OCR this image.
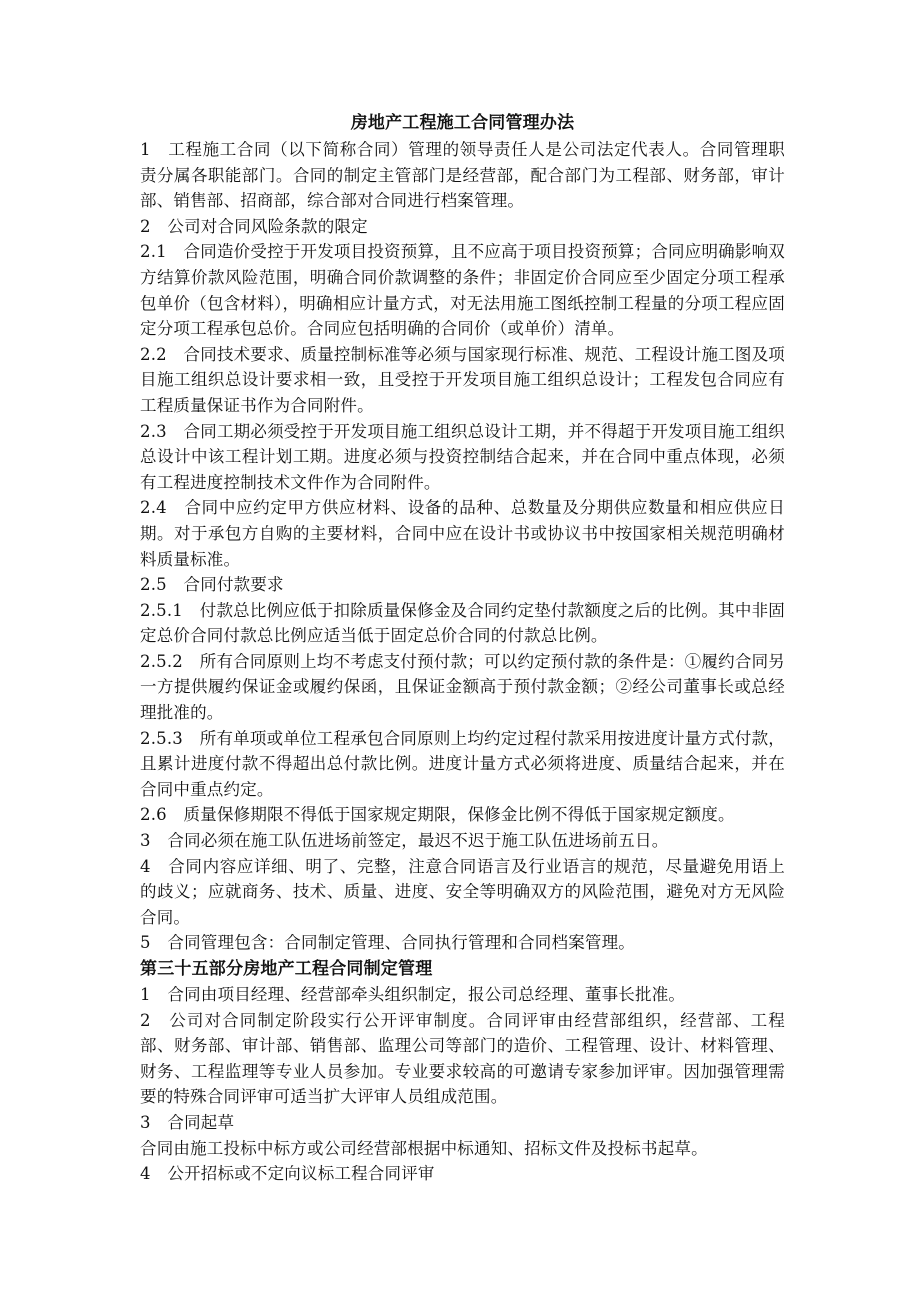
房地产工程施工合同管理办法

1　工程施工合同（以下简称合同）管理的领导责任人是公司法定代表人。合同管理职责分属各职能部门。合同的制定主管部门是经营部，配合部门为工程部、财务部，审计部、销售部、招商部，综合部对合同进行档案管理。

2　公司对合同风险条款的限定

2.1　合同造价受控于开发项目投资预算，且不应高于项目投资预算；合同应明确影响双方结算价款风险范围，明确合同价款调整的条件；非固定价合同应至少固定分项工程承包单价（包含材料），明确相应计量方式，对无法用施工图纸控制工程量的分项工程应固定分项工程承包总价。合同应包括明确的合同价（或单价）清单。

2.2　合同技术要求、质量控制标准等必须与国家现行标准、规范、工程设计施工图及项目施工组织总设计要求相一致，且受控于开发项目施工组织总设计；工程发包合同应有工程质量保证书作为合同附件。

2.3　合同工期必须受控于开发项目施工组织总设计工期，并不得超于开发项目施工组织总设计中该工程计划工期。进度必须与投资控制结合起来，并在合同中重点体现，必须有工程进度控制技术文件作为合同附件。

2.4　合同中应约定甲方供应材料、设备的品种、总数量及分期供应数量和相应供应日期。对于承包方自购的主要材料，合同中应在设计书或协议书中按国家相关规范明确材料质量标准。

2.5　合同付款要求

2.5.1　付款总比例应低于扣除质量保修金及合同约定垫付款额度之后的比例。其中非固定总价合同付款总比例应适当低于固定总价合同的付款总比例。

2.5.2　所有合同原则上均不考虑支付预付款；可以约定预付款的条件是：①履约合同另一方提供履约保证金或履约保函，且保证金额高于预付款金额；②经公司董事长或总经理批准的。

2.5.3　所有单项或单位工程承包合同原则上均约定过程付款采用按进度计量方式付款，且累计进度付款不得超出总付款比例。进度计量方式必须将进度、质量结合起来，并在合同中重点约定。

2.6　质量保修期限不得低于国家规定期限，保修金比例不得低于国家规定额度。

3　合同必须在施工队伍进场前签定，最迟不迟于施工队伍进场前五日。

4　合同内容应详细、明了、完整，注意合同语言及行业语言的规范，尽量避免用语上的歧义；应就商务、技术、质量、进度、安全等明确双方的风险范围，避免对方无风险合同。

5　合同管理包含：合同制定管理、合同执行管理和合同档案管理。

第三十五部分房地产工程合同制定管理

1　合同由项目经理、经营部牵头组织制定，报公司总经理、董事长批准。

2　公司对合同制定阶段实行公开评审制度。合同评审由经营部组织，经营部、工程部、财务部、审计部、销售部、监理公司等部门的造价、工程管理、设计、材料管理、财务、工程监理等专业人员参加。专业要求较高的可邀请专家参加评审。因加强管理需要的特殊合同评审可适当扩大评审人员组成范围。

3　合同起草

合同由施工投标中标方或公司经营部根据中标通知、招标文件及投标书起草。

4　公开招标或不定向议标工程合同评审
